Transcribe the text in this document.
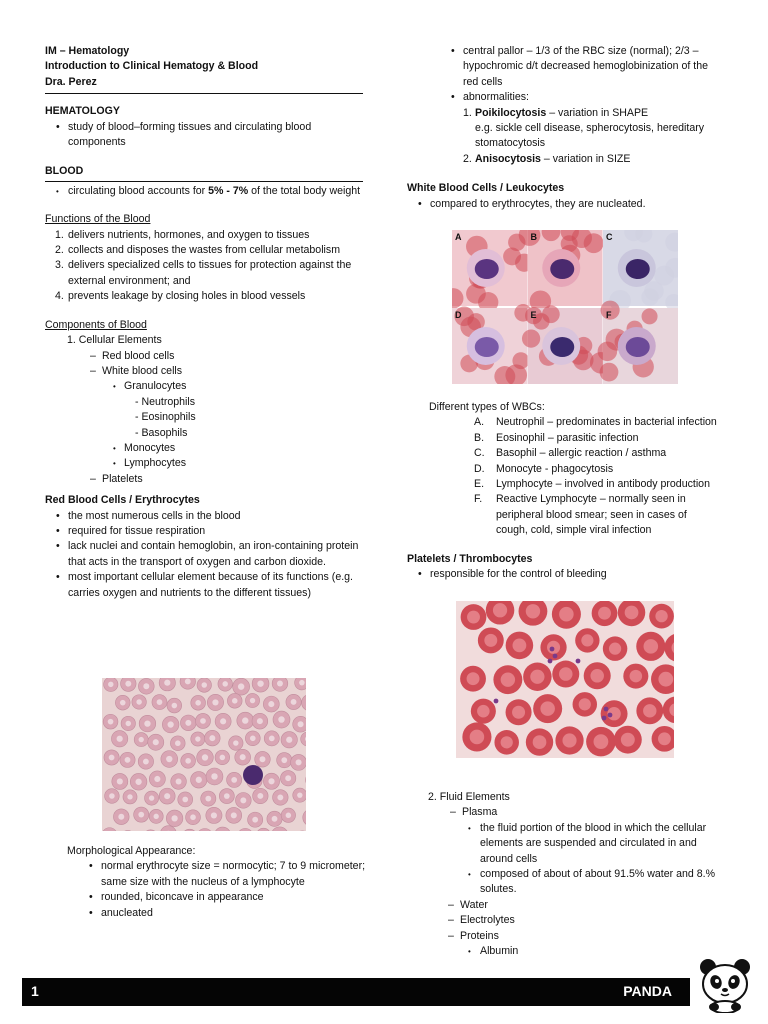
IM – Hematology
Introduction to Clinical Hematogy & Blood
Dra. Perez
HEMATOLOGY
• study of blood–forming tissues and circulating blood components
BLOOD
• circulating blood accounts for 5% - 7% of the total body weight
Functions of the Blood
1. delivers nutrients, hormones, and oxygen to tissues
2. collects and disposes the wastes from cellular metabolism
3. delivers specialized cells to tissues for protection against the external environment; and
4. prevents leakage by closing holes in blood vessels
Components of Blood
1. Cellular Elements
– Red blood cells
– White blood cells
• Granulocytes
- Neutrophils
- Eosinophils
- Basophils
• Monocytes
• Lymphocytes
– Platelets
Red Blood Cells / Erythrocytes
• the most numerous cells in the blood
• required for tissue respiration
• lack nuclei and contain hemoglobin, an iron-containing protein that acts in the transport of oxygen and carbon dioxide.
• most important cellular element because of its functions (e.g. carries oxygen and nutrients to the different tissues)
Morphological Appearance:
• normal erythrocyte size = normocytic; 7 to 9 micrometer; same size with the nucleus of a lymphocyte
• rounded, biconcave in appearance
• anucleated
• central pallor – 1/3 of the RBC size (normal); 2/3 – hypochromic d/t decreased hemoglobinization of the red cells
• abnormalities:
1. Poikilocytosis – variation in SHAPE
e.g. sickle cell disease, spherocytosis, hereditary stomatocytosis
2. Anisocytosis – variation in SIZE
White Blood Cells / Leukocytes
• compared to erythrocytes, they are nucleated.
A	B	C
D	E	F
Different types of WBCs:
A. Neutrophil – predominates in bacterial infection
B. Eosinophil – parasitic infection
C. Basophil – allergic reaction / asthma
D. Monocyte - phagocytosis
E. Lymphocyte – involved in antibody production
F. Reactive Lymphocyte – normally seen in peripheral blood smear; seen in cases of cough, cold, simple viral infection
Platelets / Thrombocytes
• responsible for the control of bleeding
2. Fluid Elements
– Plasma
• the fluid portion of the blood in which the cellular elements are suspended and circulated in and around cells
• composed of about of about 91.5% water and 8.% solutes.
– Water
– Electrolytes
– Proteins
• Albumin
1	PANDA
